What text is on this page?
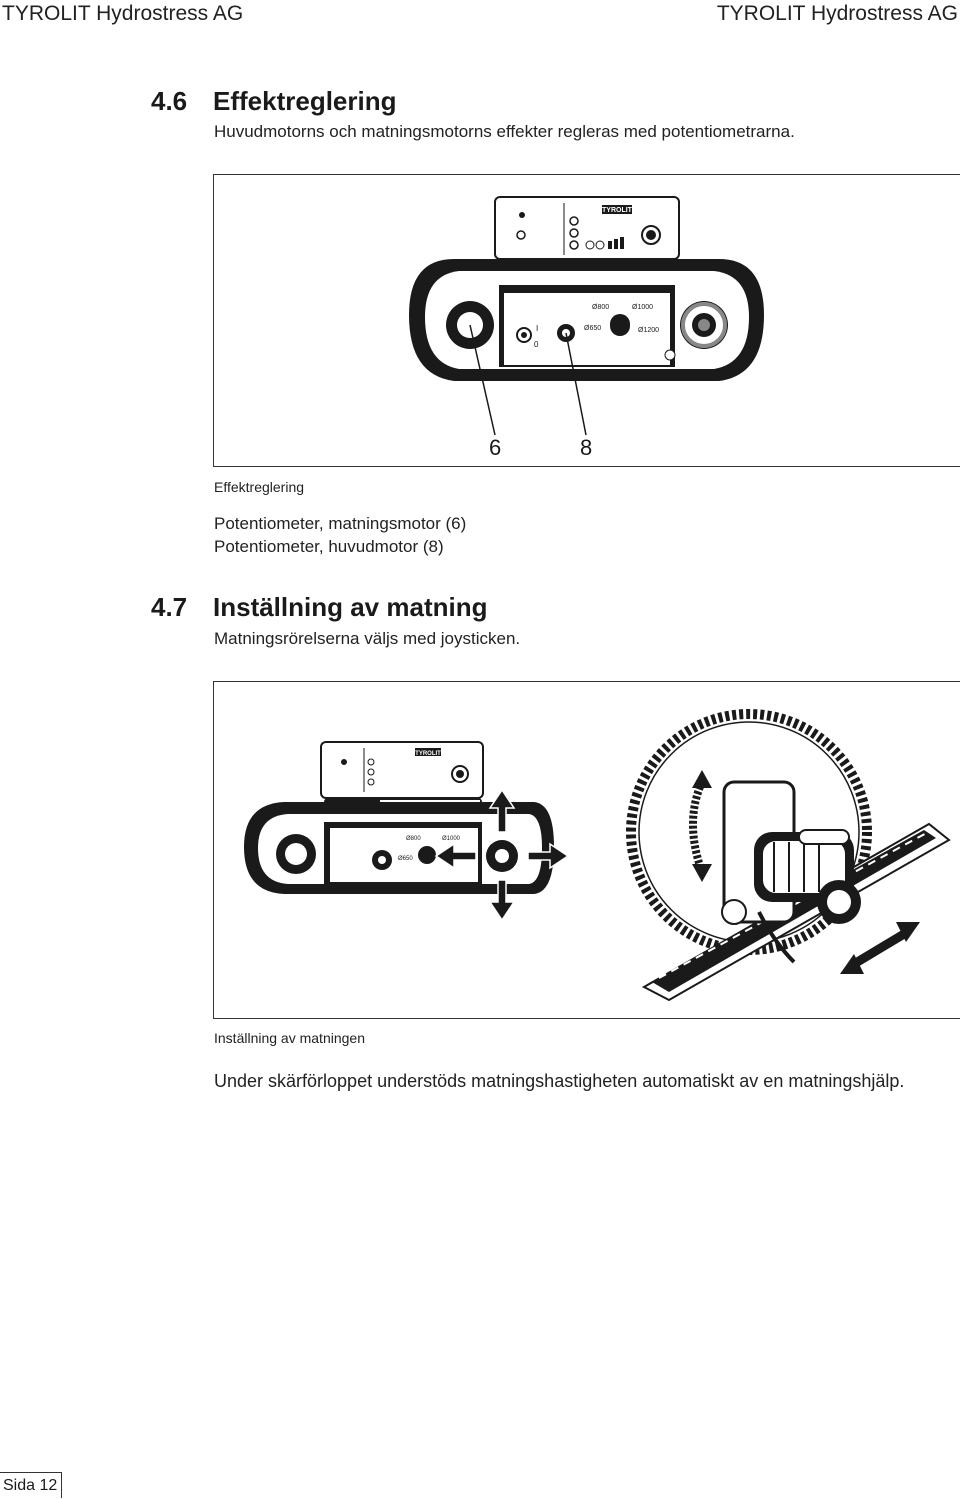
TYROLIT Hydrostress AG	TYROLIT Hydrostress AG
4.6 Effektreglering
Huvudmotorns och matningsmotorns effekter regleras med potentiometrarna.
TYROLIT
I
0
Ø800	Ø1000
Ø650	Ø1200
6	8
Effektreglering
Potentiometer, matningsmotor (6)
Potentiometer, huvudmotor (8)
4.7 Inställning av matning
Matningsrörelserna väljs med joysticken.
TYROLIT
Ø800	Ø1000
Ø650
Inställning av matningen
Under skärförloppet understöds matningshastigheten automatiskt av en matningshjälp.
Sida 12
